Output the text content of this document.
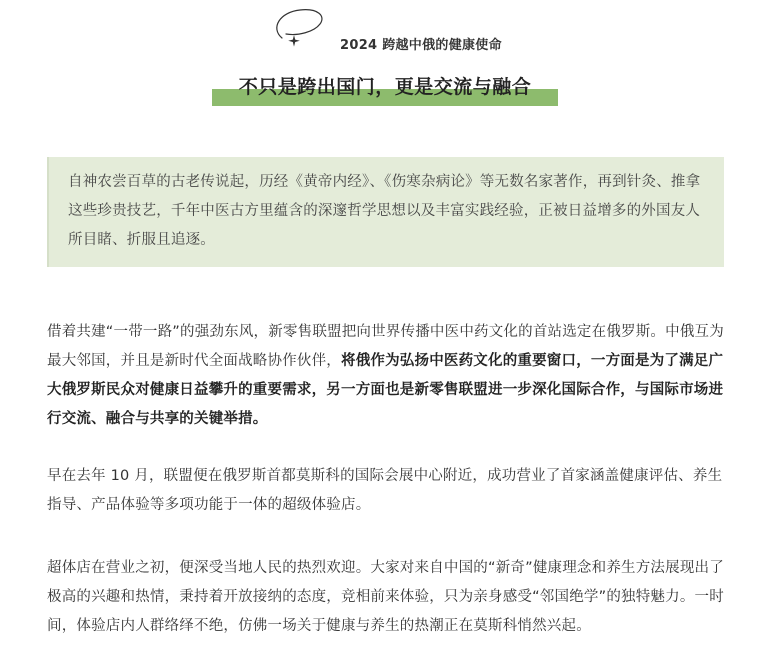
2024 跨越中俄的健康使命
不只是跨出国门，更是交流与融合
自神农尝百草的古老传说起，历经《黄帝内经》、《伤寒杂病论》等无数名家著作，再到针灸、推拿这些珍贵技艺，千年中医古方里蕴含的深邃哲学思想以及丰富实践经验，正被日益增多的外国友人所目睹、折服且追逐。
借着共建“一带一路”的强劲东风，新零售联盟把向世界传播中医中药文化的首站选定在俄罗斯。中俄互为最大邻国，并且是新时代全面战略协作伙伴，将俄作为弘扬中医药文化的重要窗口，一方面是为了满足广大俄罗斯民众对健康日益攀升的重要需求，另一方面也是新零售联盟进一步深化国际合作，与国际市场进行交流、融合与共享的关键举措。
早在去年 10 月，联盟便在俄罗斯首都莫斯科的国际会展中心附近，成功营业了首家涵盖健康评估、养生指导、产品体验等多项功能于一体的超级体验店。
超体店在营业之初，便深受当地人民的热烈欢迎。大家对来自中国的“新奇”健康理念和养生方法展现出了极高的兴趣和热情，秉持着开放接纳的态度，竞相前来体验，只为亲身感受“邻国绝学”的独特魅力。一时间，体验店内人群络绎不绝，仿佛一场关于健康与养生的热潮正在莫斯科悄然兴起。
